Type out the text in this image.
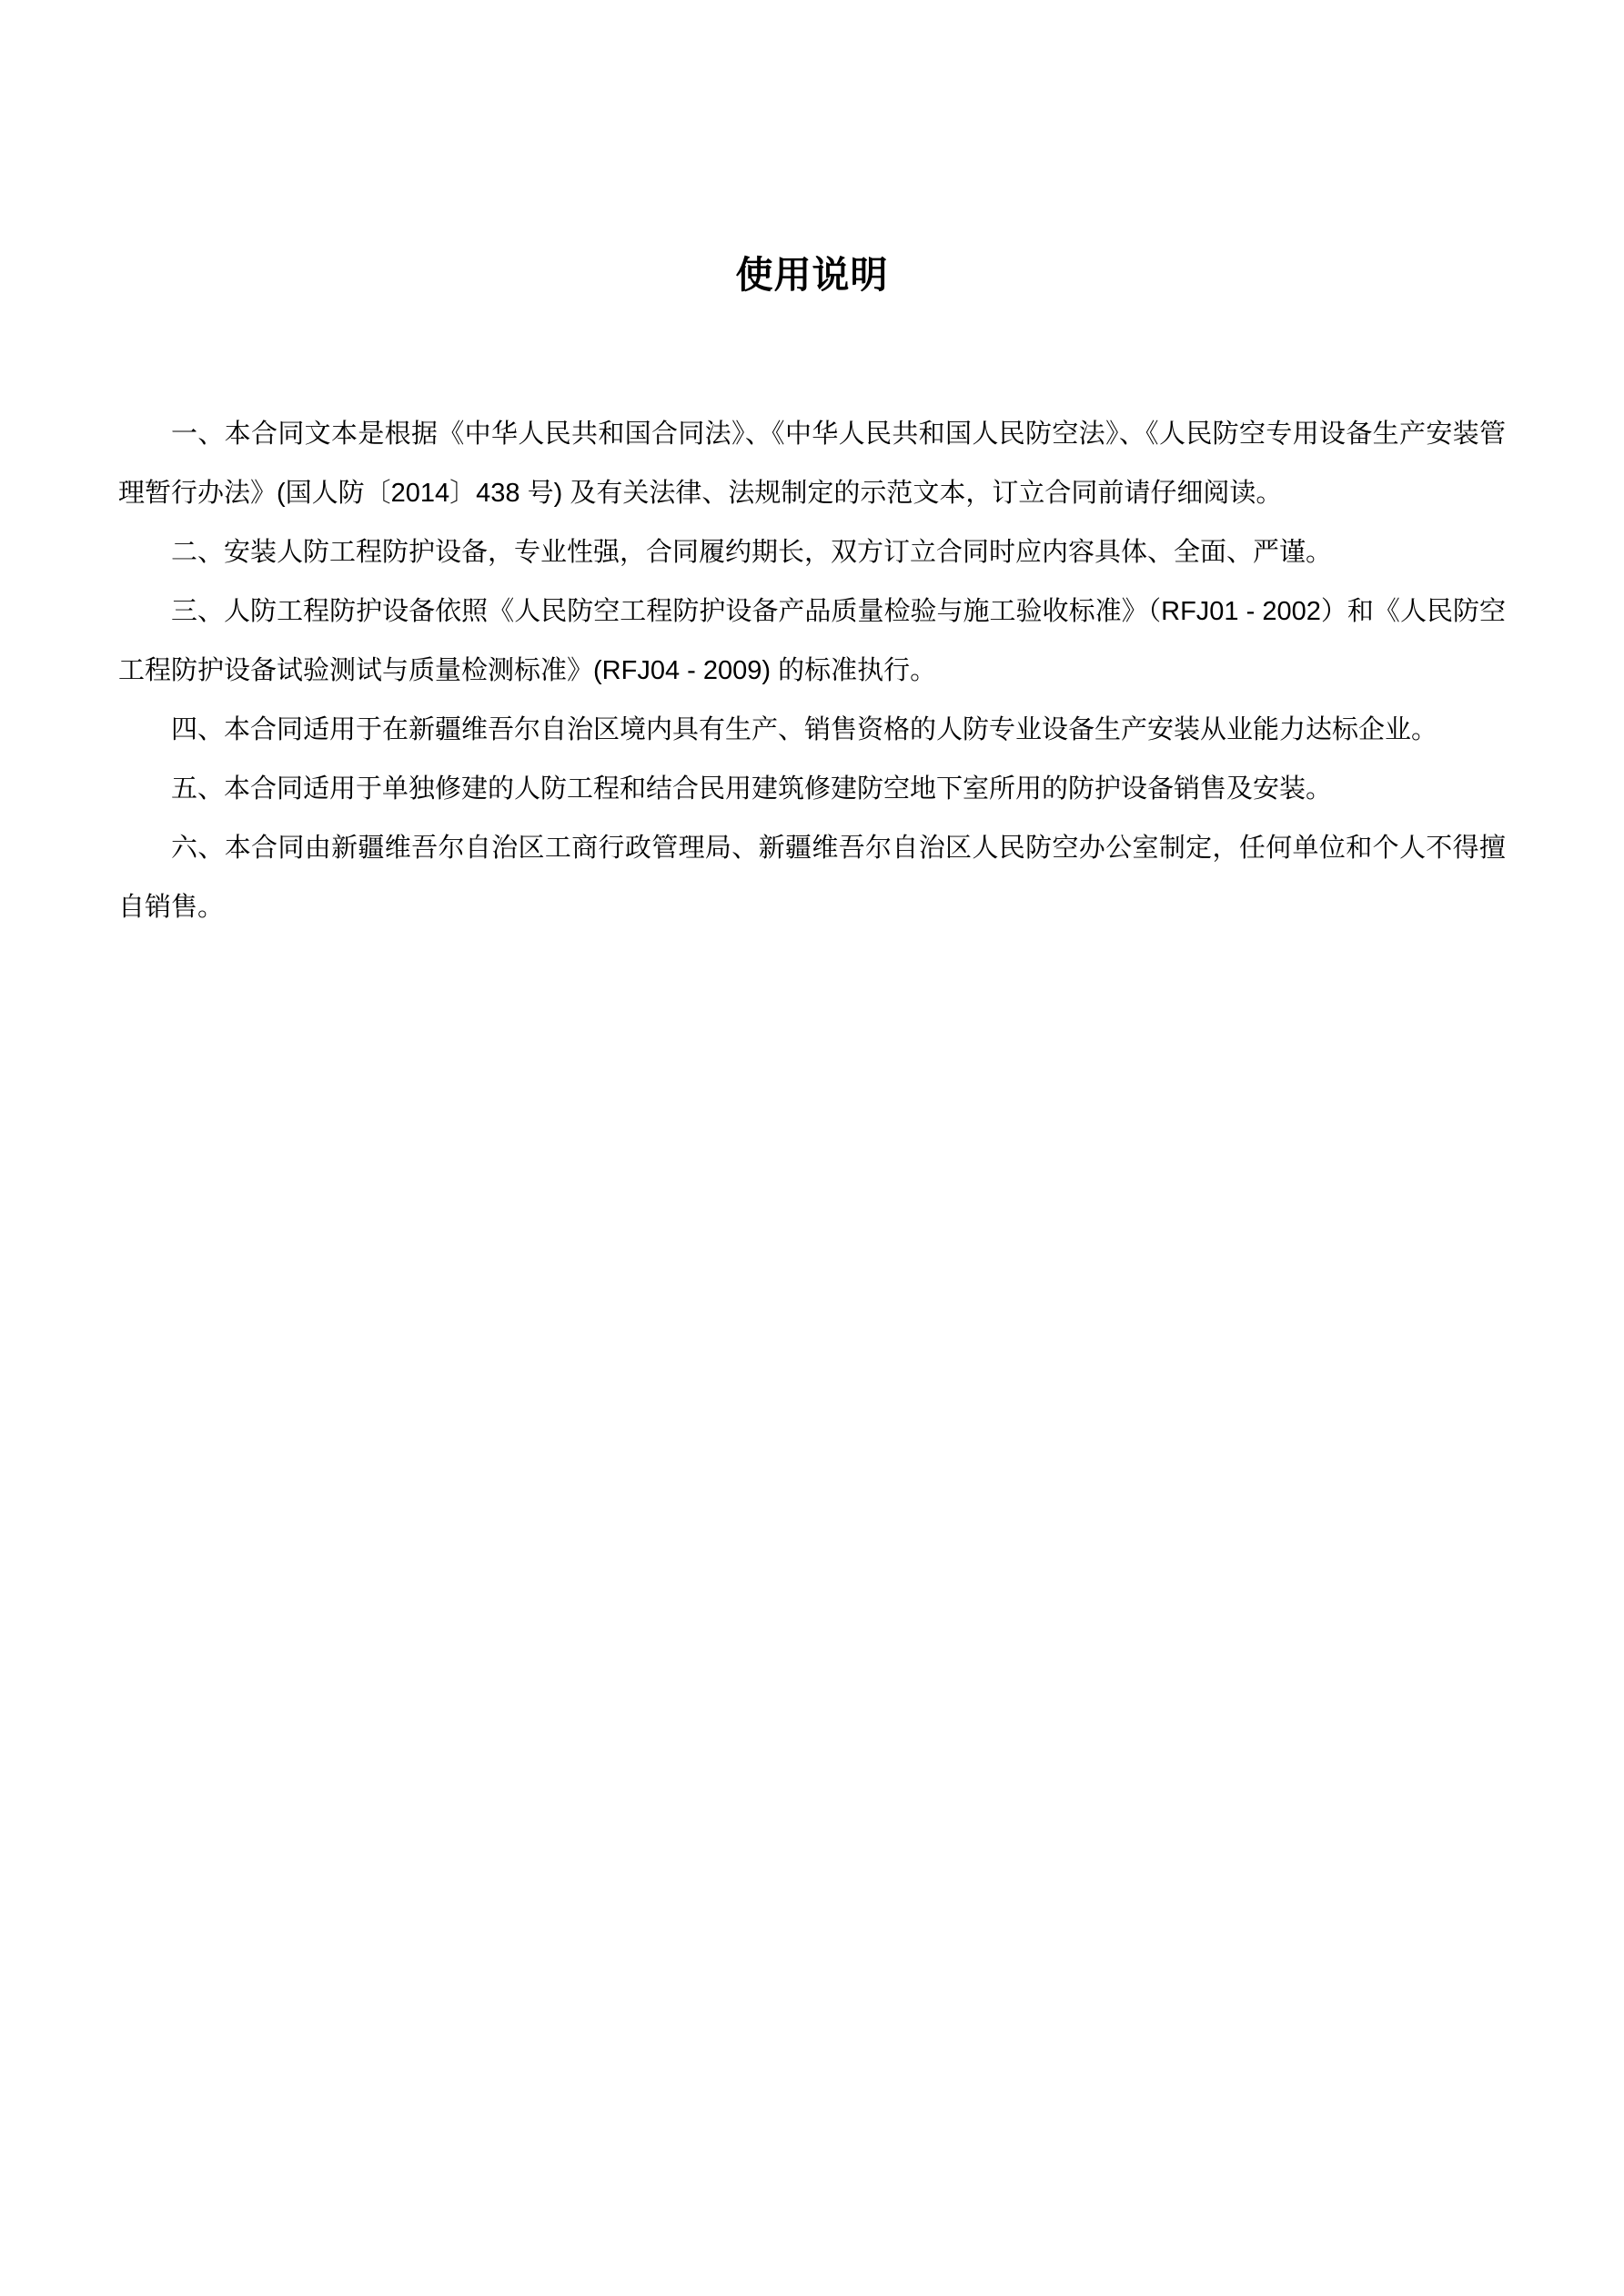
使用说明

一、本合同文本是根据《中华人民共和国合同法》、《中华人民共和国人民防空法》、《人民防空专用设备生产安装管理暂行办法》(国人防〔2014〕438 号) 及有关法律、法规制定的示范文本，订立合同前请仔细阅读。

二、安装人防工程防护设备，专业性强，合同履约期长，双方订立合同时应内容具体、全面、严谨。

三、人防工程防护设备依照《人民防空工程防护设备产品质量检验与施工验收标准》（RFJ01 - 2002）和《人民防空工程防护设备试验测试与质量检测标准》(RFJ04 - 2009) 的标准执行。

四、本合同适用于在新疆维吾尔自治区境内具有生产、销售资格的人防专业设备生产安装从业能力达标企业。

五、本合同适用于单独修建的人防工程和结合民用建筑修建防空地下室所用的防护设备销售及安装。

六、本合同由新疆维吾尔自治区工商行政管理局、新疆维吾尔自治区人民防空办公室制定，任何单位和个人不得擅自销售。
